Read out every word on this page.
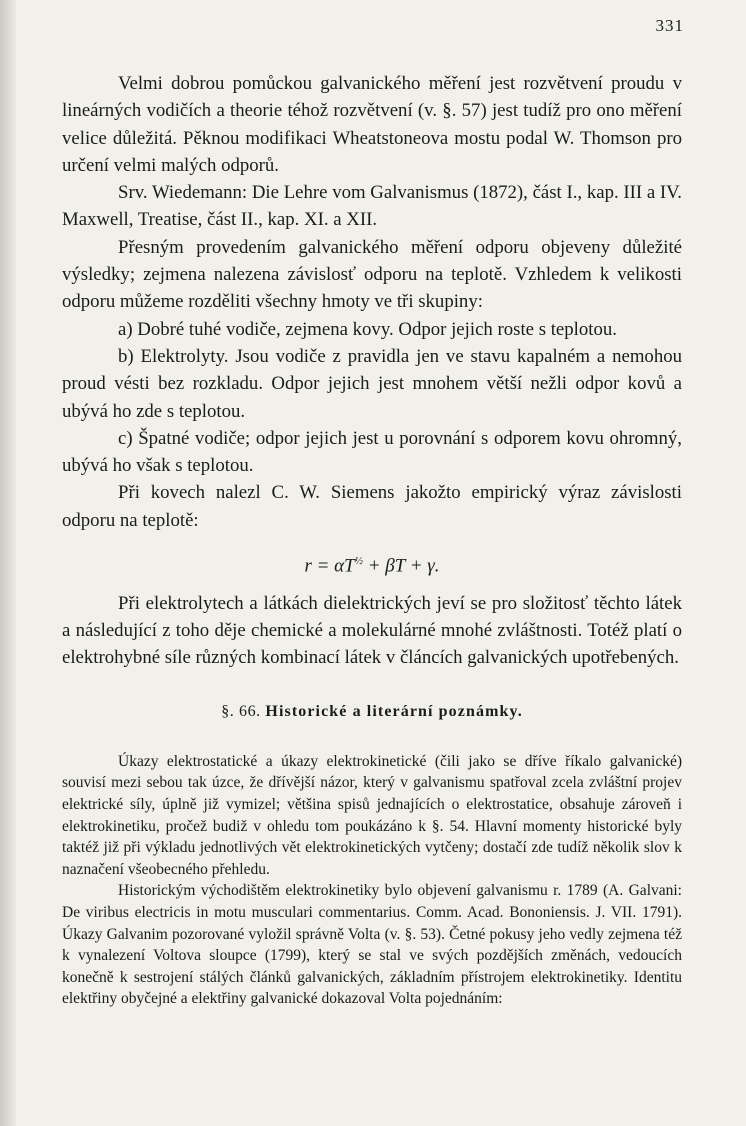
331

Velmi dobrou pomůckou galvanického měření jest rozvětvení proudu v lineárných vodičích a theorie téhož rozvětvení (v. §. 57) jest tudíž pro ono měření velice důležitá. Pěknou modifikaci Wheatstoneova mostu podal W. Thomson pro určení velmi malých odporů.

Srv. Wiedemann: Die Lehre vom Galvanismus (1872), část I., kap. III a IV. Maxwell, Treatise, část II., kap. XI. a XII.

Přesným provedením galvanického měření odporu objeveny důležité výsledky; zejmena nalezena závislosť odporu na teplotě. Vzhledem k velikosti odporu můžeme rozděliti všechny hmoty ve tři skupiny:

a) Dobré tuhé vodiče, zejmena kovy. Odpor jejich roste s teplotou.

b) Elektrolyty. Jsou vodiče z pravidla jen ve stavu kapalném a nemohou proud vésti bez rozkladu. Odpor jejich jest mnohem větší nežli odpor kovů a ubývá ho zde s teplotou.

c) Špatné vodiče; odpor jejich jest u porovnání s odporem kovu ohromný, ubývá ho však s teplotou.

Při kovech nalezl C. W. Siemens jakožto empirický výraz závislosti odporu na teplotě:

$r = \alpha T^{\frac{1}{2}} + \beta T + \gamma$.

Při elektrolytech a látkách dielektrických jeví se pro složitosť těchto látek a následující z toho děje chemické a molekulárné mnohé zvláštnosti. Totéž platí o elektrohybné síle různých kombinací látek v článcích galvanických upotřebených.

§. 66. Historické a literární poznámky.

Úkazy elektrostatické a úkazy elektrokinetické (čili jako se dříve říkalo galvanické) souvisí mezi sebou tak úzce, že dřívější názor, který v galvanismu spatřoval zcela zvláštní projev elektrické síly, úplně již vymizel; většina spisů jednajících o elektrostatice, obsahuje zároveň i elektrokinetiku, pročež budiž v ohledu tom poukázáno k §. 54. Hlavní momenty historické byly taktéž již při výkladu jednotlivých vět elektrokinetických vytčeny; dostačí zde tudíž několik slov k naznačení všeobecného přehledu.

Historickým východištěm elektrokinetiky bylo objevení galvanismu r. 1789 (A. Galvani: De viribus electricis in motu musculari commentarius. Comm. Acad. Bononiensis. J. VII. 1791). Úkazy Galvanim pozorované vyložil správně Volta (v. §. 53). Četné pokusy jeho vedly zejmena též k vynalezení Voltova sloupce (1799), který se stal ve svých pozdějších změnách, vedoucích konečně k sestrojení stálých článků galvanických, základním přístrojem elektrokinetiky. Identitu elektřiny obyčejné a elektřiny galvanické dokazoval Volta pojednáním:
